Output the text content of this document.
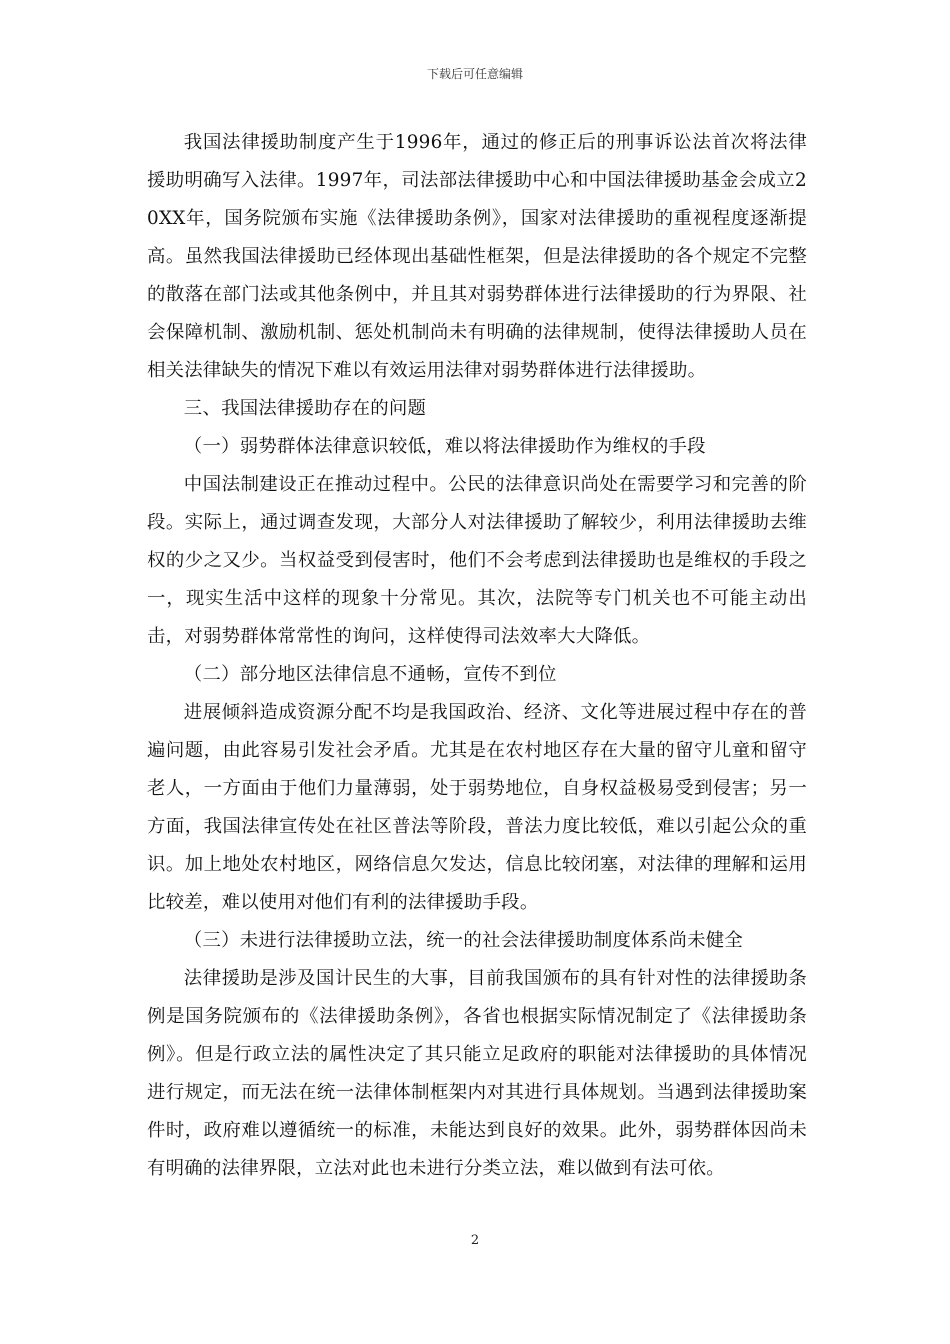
下载后可任意编辑

我国法律援助制度产生于1996年，通过的修正后的刑事诉讼法首次将法律援助明确写入法律。1997年，司法部法律援助中心和中国法律援助基金会成立20XX年，国务院颁布实施《法律援助条例》，国家对法律援助的重视程度逐渐提高。虽然我国法律援助已经体现出基础性框架，但是法律援助的各个规定不完整的散落在部门法或其他条例中，并且其对弱势群体进行法律援助的行为界限、社会保障机制、激励机制、惩处机制尚未有明确的法律规制，使得法律援助人员在相关法律缺失的情况下难以有效运用法律对弱势群体进行法律援助。

三、我国法律援助存在的问题

（一）弱势群体法律意识较低，难以将法律援助作为维权的手段

中国法制建设正在推动过程中。公民的法律意识尚处在需要学习和完善的阶段。实际上，通过调查发现，大部分人对法律援助了解较少，利用法律援助去维权的少之又少。当权益受到侵害时，他们不会考虑到法律援助也是维权的手段之一，现实生活中这样的现象十分常见。其次，法院等专门机关也不可能主动出击，对弱势群体常常性的询问，这样使得司法效率大大降低。

（二）部分地区法律信息不通畅，宣传不到位

进展倾斜造成资源分配不均是我国政治、经济、文化等进展过程中存在的普遍问题，由此容易引发社会矛盾。尤其是在农村地区存在大量的留守儿童和留守老人，一方面由于他们力量薄弱，处于弱势地位，自身权益极易受到侵害；另一方面，我国法律宣传处在社区普法等阶段，普法力度比较低，难以引起公众的重识。加上地处农村地区，网络信息欠发达，信息比较闭塞，对法律的理解和运用比较差，难以使用对他们有利的法律援助手段。

（三）未进行法律援助立法，统一的社会法律援助制度体系尚未健全

法律援助是涉及国计民生的大事，目前我国颁布的具有针对性的法律援助条例是国务院颁布的《法律援助条例》，各省也根据实际情况制定了《法律援助条例》。但是行政立法的属性决定了其只能立足政府的职能对法律援助的具体情况进行规定，而无法在统一法律体制框架内对其进行具体规划。当遇到法律援助案件时，政府难以遵循统一的标准，未能达到良好的效果。此外，弱势群体因尚未有明确的法律界限，立法对此也未进行分类立法，难以做到有法可依。

2
